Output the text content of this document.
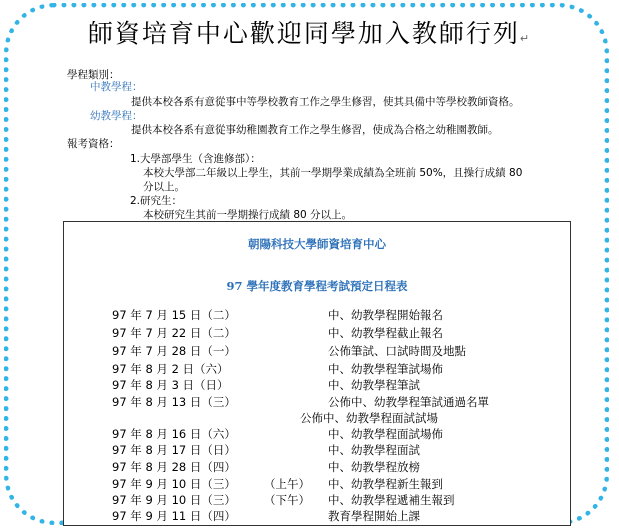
師資培育中心歡迎同學加入教師行列↵
學程類別：
中教學程：
提供本校各系有意從事中等學校教育工作之學生修習，使其具備中等學校教師資格。
幼教學程：
提供本校各系有意從事幼稚園教育工作之學生修習，使成為合格之幼稚園教師。
報考資格：
1.大學部學生（含進修部）：
本校大學部二年級以上學生，其前一學期學業成績為全班前 50%，且操行成績 80
分以上。
2.研究生：
本校研究生其前一學期操行成績 80 分以上。
朝陽科技大學師資培育中心
97 學年度教育學程考試預定日程表
97 年 7 月 15 日（二）	中、幼教學程開始報名
97 年 7 月 22 日（二）	中、幼教學程截止報名
97 年 7 月 28 日（一）	公佈筆試、口試時間及地點
97 年 8 月 2 日（六）	中、幼教學程筆試場佈
97 年 8 月 3 日（日）	中、幼教學程筆試
97 年 8 月 13 日（三）	公佈中、幼教學程筆試通過名單
公佈中、幼教學程面試試場
97 年 8 月 16 日（六）	中、幼教學程面試場佈
97 年 8 月 17 日（日）	中、幼教學程面試
97 年 8 月 28 日（四）	中、幼教學程放榜
97 年 9 月 10 日（三） （上午） 中、幼教學程新生報到
97 年 9 月 10 日（三） （下午） 中、幼教學程遞補生報到
97 年 9 月 11 日（四）	教育學程開始上課
